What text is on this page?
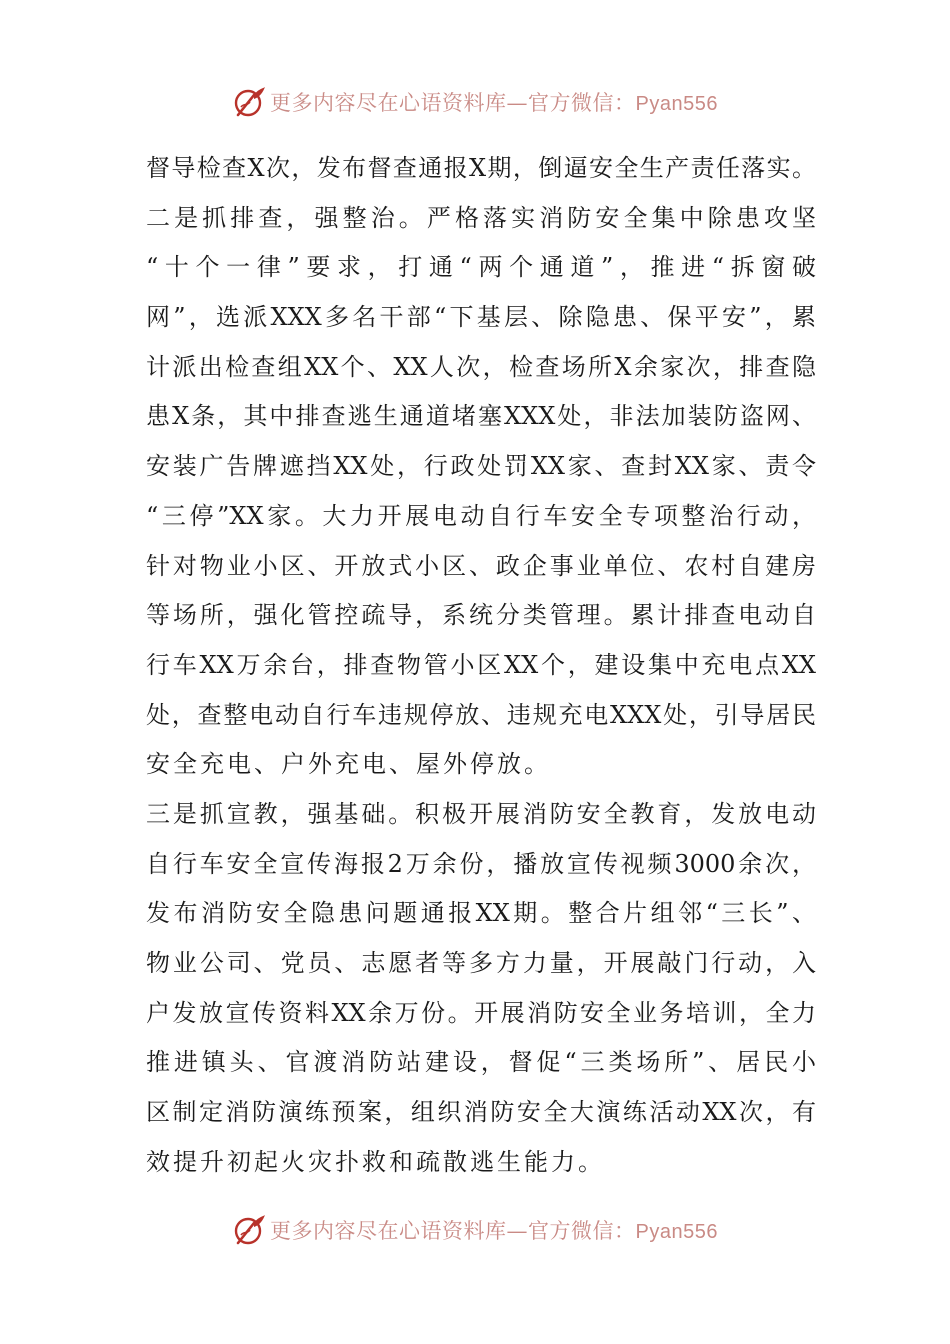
更多内容尽在心语资料库—官方微信：Pyan556
督导检查X次，发布督查通报X期，倒逼安全生产责任落实。
二是抓排查，强整治。严格落实消防安全集中除患攻坚
“十个一律”要求，打通“两个通道”，推进“拆窗破
网”，选派XXX多名干部“下基层、除隐患、保平安”，累
计派出检查组XX个、XX人次，检查场所X余家次，排查隐
患X条，其中排查逃生通道堵塞XXX处，非法加装防盗网、
安装广告牌遮挡XX处，行政处罚XX家、查封XX家、责令
“三停”XX家。大力开展电动自行车安全专项整治行动，
针对物业小区、开放式小区、政企事业单位、农村自建房
等场所，强化管控疏导，系统分类管理。累计排查电动自
行车XX万余台，排查物管小区XX个，建设集中充电点XX
处，查整电动自行车违规停放、违规充电XXX处，引导居民
安全充电、户外充电、屋外停放。
三是抓宣教，强基础。积极开展消防安全教育，发放电动
自行车安全宣传海报2万余份，播放宣传视频3000余次，
发布消防安全隐患问题通报XX期。整合片组邻“三长”、
物业公司、党员、志愿者等多方力量，开展敲门行动，入
户发放宣传资料XX余万份。开展消防安全业务培训，全力
推进镇头、官渡消防站建设，督促“三类场所”、居民小
区制定消防演练预案，组织消防安全大演练活动XX次，有
效提升初起火灾扑救和疏散逃生能力。
更多内容尽在心语资料库—官方微信：Pyan556
